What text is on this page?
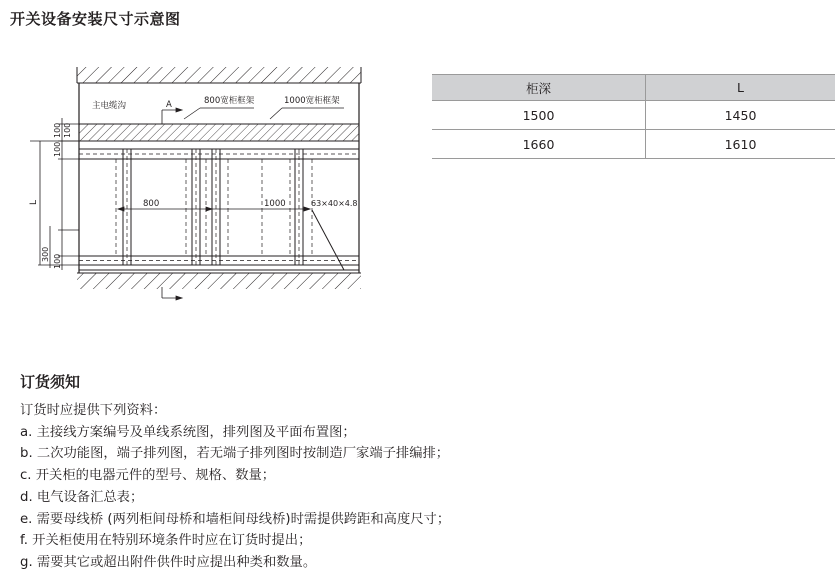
开关设备安装尺寸示意图
800	1000	63×40×4.8
主电缆沟	A	800宽柜框架	1000宽柜框架
100 100
100
L
300 100
柜深	L
1500	1450
1660	1610
订货须知
订货时应提供下列资料：
a. 主接线方案编号及单线系统图，排列图及平面布置图；
b. 二次功能图，端子排列图，若无端子排列图时按制造厂家端子排编排；
c. 开关柜的电器元件的型号、规格、数量；
d. 电气设备汇总表；
e. 需要母线桥 (两列柜间母桥和墙柜间母线桥)时需提供跨距和高度尺寸；
f. 开关柜使用在特别环境条件时应在订货时提出；
g. 需要其它或超出附件供件时应提出种类和数量。
